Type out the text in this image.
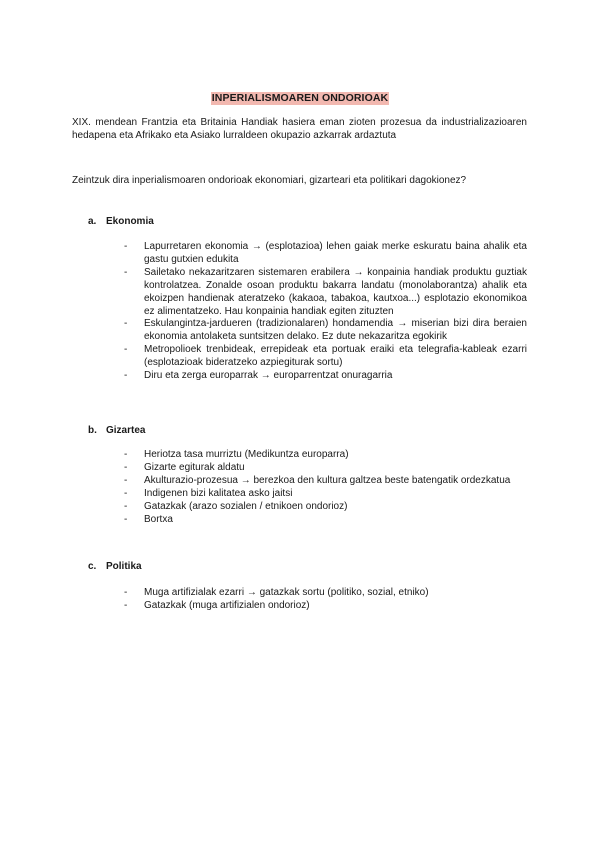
INPERIALISMOAREN ONDORIOAK

XIX. mendean Frantzia eta Britainia Handiak hasiera eman zioten prozesua da industrializazioaren hedapena eta Afrikako eta Asiako lurraldeen okupazio azkarrak ardaztuta

Zeintzuk dira inperialismoaren ondorioak ekonomiari, gizarteari eta politikari dagokionez?

a. Ekonomia
- Lapurretaren ekonomia → (esplotazioa) lehen gaiak merke eskuratu baina ahalik eta gastu gutxien edukita
- Sailetako nekazaritzaren sistemaren erabilera → konpainia handiak produktu guztiak kontrolatzea. Zonalde osoan produktu bakarra landatu (monolaborantza) ahalik eta ekoizpen handienak ateratzeko (kakaoa, tabakoa, kautxoa...) esplotazio ekonomikoa ez alimentatzeko. Hau konpainia handiak egiten zituzten
- Eskulangintza-jardueren (tradizionalaren) hondamendia → miserian bizi dira beraien ekonomia antolaketa suntsitzen delako. Ez dute nekazaritza egokirik
- Metropolioek trenbideak, errepideak eta portuak eraiki eta telegrafia-kableak ezarri (esplotazioak bideratzeko azpiegiturak sortu)
- Diru eta zerga europarrak → europarrentzat onuragarria
b. Gizartea
- Heriotza tasa murriztu (Medikuntza europarra)
- Gizarte egiturak aldatu
- Akulturazio-prozesua → berezkoa den kultura galtzea beste batengatik ordezkatua
- Indigenen bizi kalitatea asko jaitsi
- Gatazkak (arazo sozialen / etnikoen ondorioz)
- Bortxa
c. Politika
- Muga artifizialak ezarri → gatazkak sortu (politiko, sozial, etniko)
- Gatazkak (muga artifizialen ondorioz)
